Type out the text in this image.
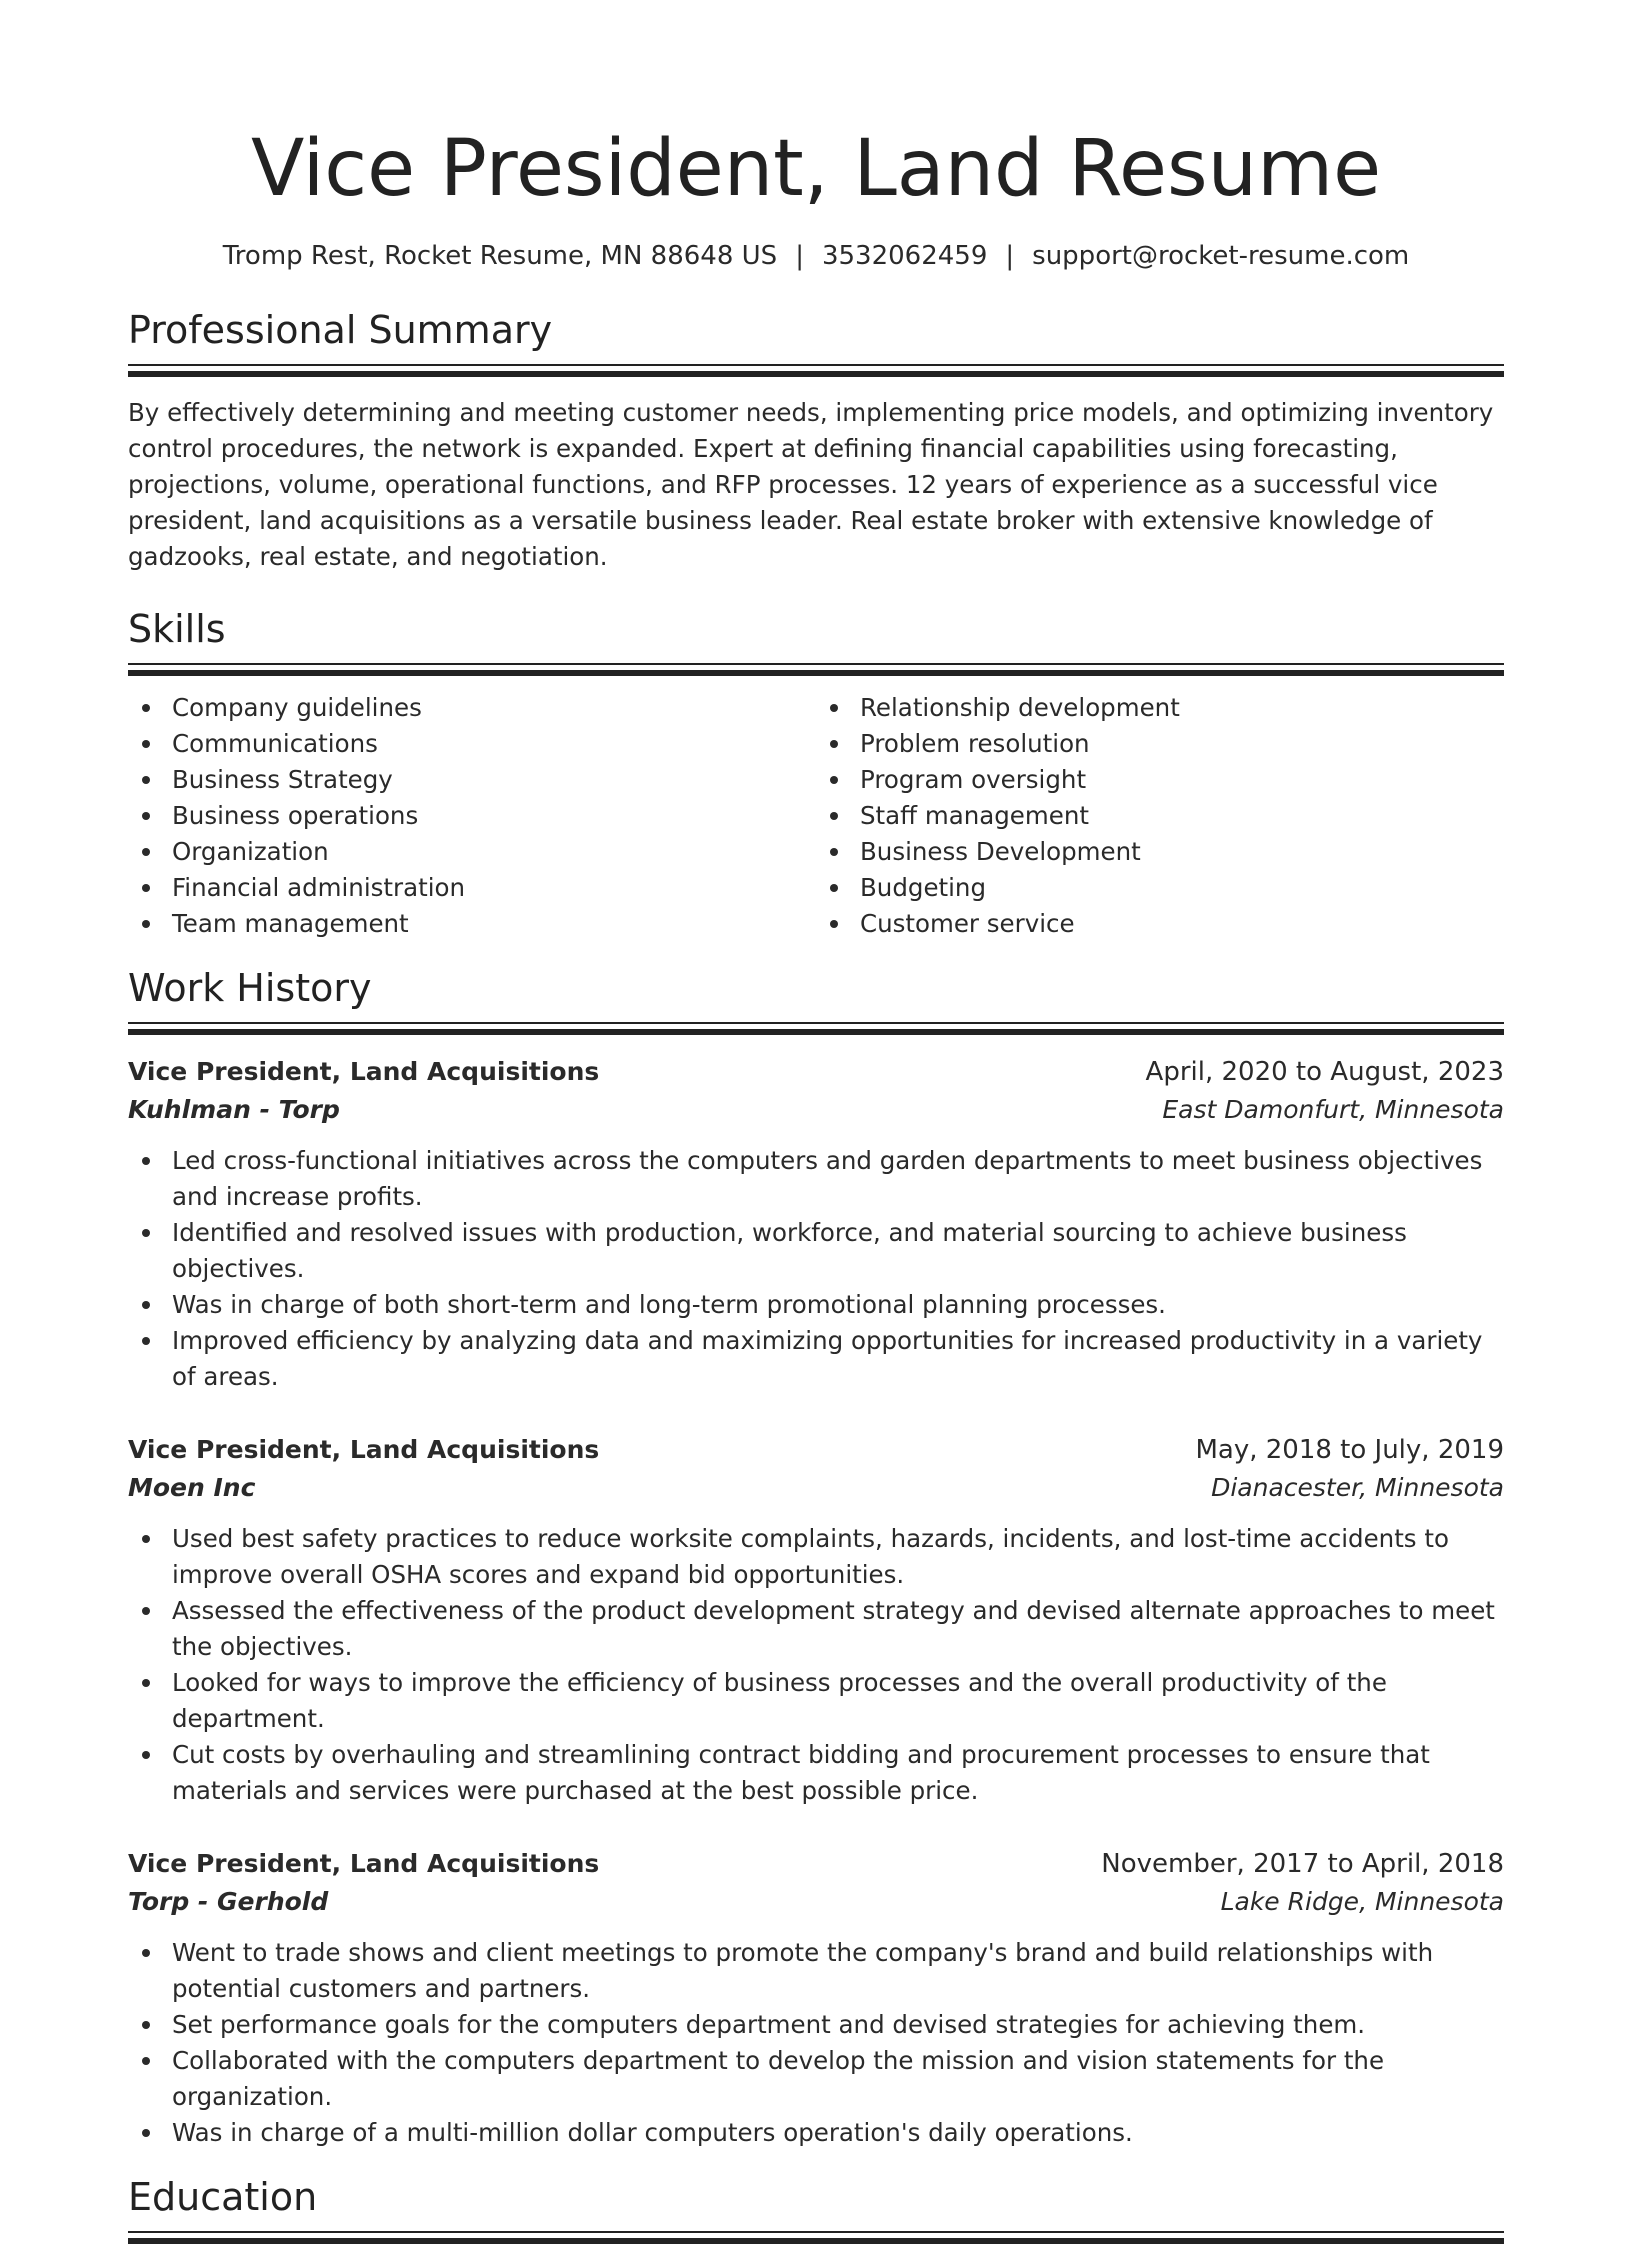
Vice President, Land Resume
Tromp Rest, Rocket Resume, MN 88648 US | 3532062459 | support@rocket-resume.com
Professional Summary

By effectively determining and meeting customer needs, implementing price models, and optimizing inventory control procedures, the network is expanded. Expert at defining financial capabilities using forecasting, projections, volume, operational functions, and RFP processes. 12 years of experience as a successful vice president, land acquisitions as a versatile business leader. Real estate broker with extensive knowledge of gadzooks, real estate, and negotiation.

Skills
Company guidelines
Communications
Business Strategy
Business operations
Organization
Financial administration
Team management
Relationship development
Problem resolution
Program oversight
Staff management
Business Development
Budgeting
Customer service
Work History
Vice President, Land Acquisitions	April, 2020 to August, 2023
Kuhlman - Torp	East Damonfurt, Minnesota
Led cross-functional initiatives across the computers and garden departments to meet business objectives and increase profits.
Identified and resolved issues with production, workforce, and material sourcing to achieve business objectives.
Was in charge of both short-term and long-term promotional planning processes.
Improved efficiency by analyzing data and maximizing opportunities for increased productivity in a variety of areas.
Vice President, Land Acquisitions	May, 2018 to July, 2019
Moen Inc	Dianacester, Minnesota
Used best safety practices to reduce worksite complaints, hazards, incidents, and lost-time accidents to improve overall OSHA scores and expand bid opportunities.
Assessed the effectiveness of the product development strategy and devised alternate approaches to meet the objectives.
Looked for ways to improve the efficiency of business processes and the overall productivity of the department.
Cut costs by overhauling and streamlining contract bidding and procurement processes to ensure that materials and services were purchased at the best possible price.
Vice President, Land Acquisitions	November, 2017 to April, 2018
Torp - Gerhold	Lake Ridge, Minnesota
Went to trade shows and client meetings to promote the company's brand and build relationships with potential customers and partners.
Set performance goals for the computers department and devised strategies for achieving them.
Collaborated with the computers department to develop the mission and vision statements for the organization.
Was in charge of a multi-million dollar computers operation's daily operations.
Education
